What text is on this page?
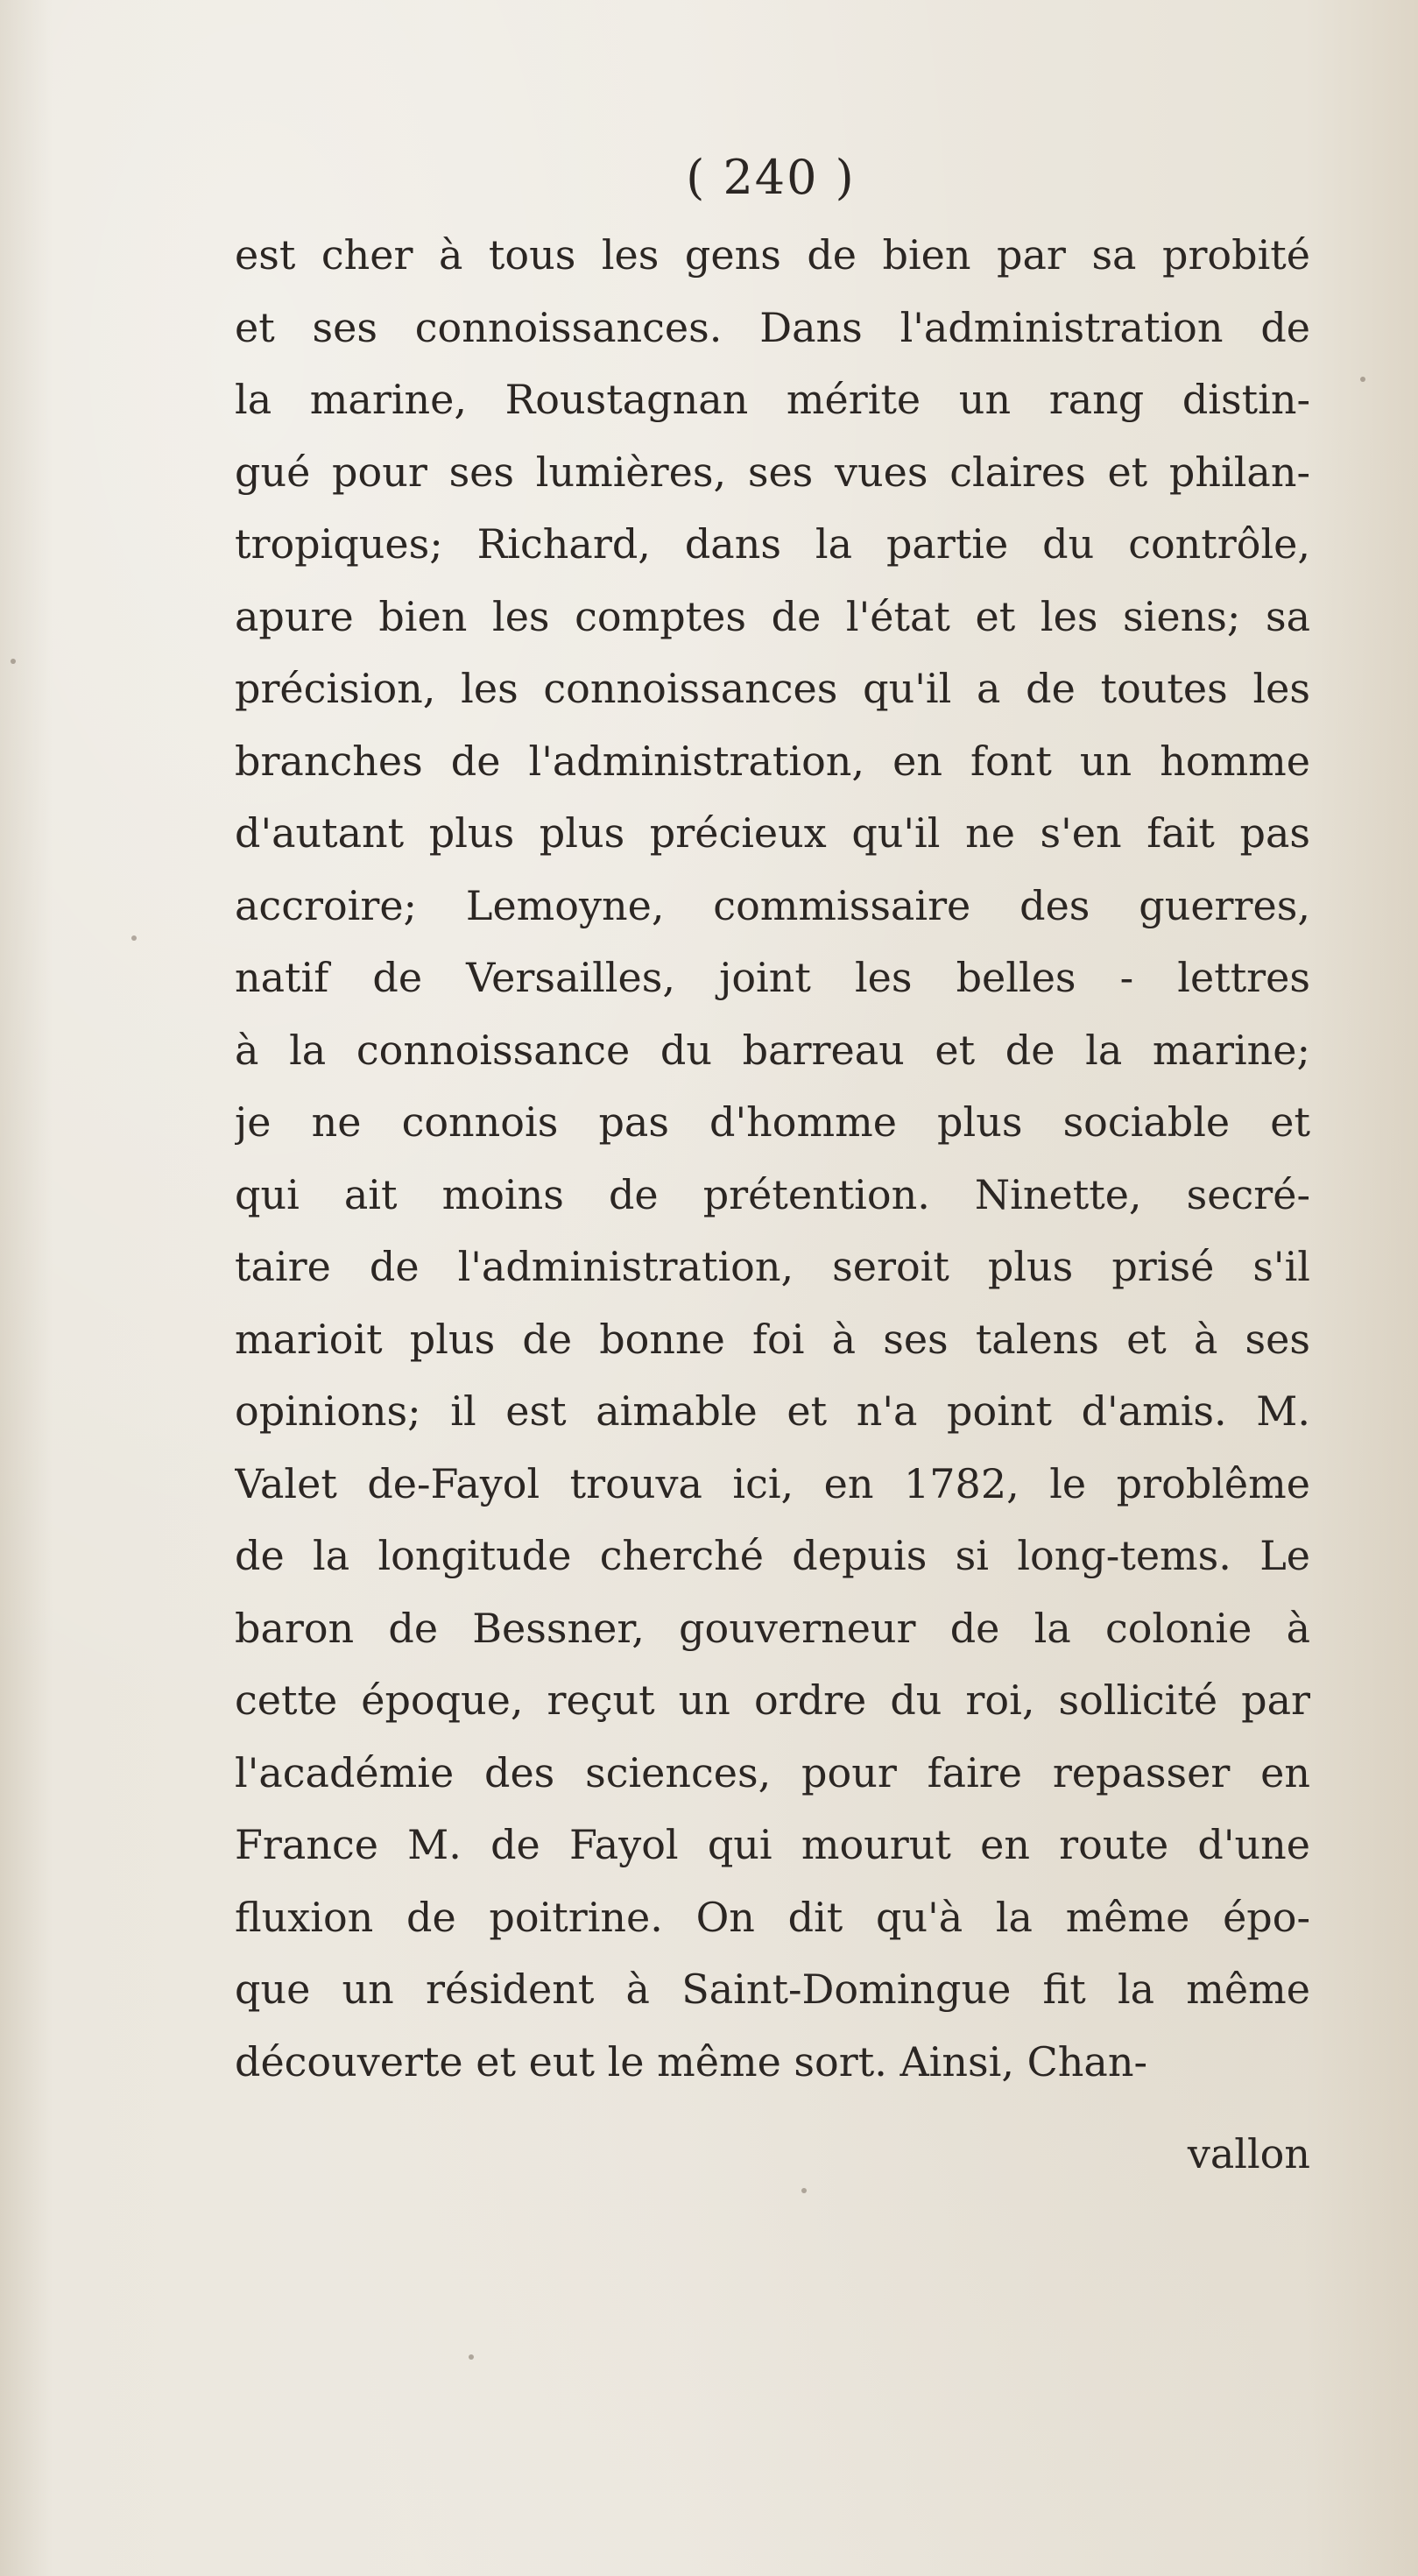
( 240 )
est cher à tous les gens de bien par sa probité
et ses connoissances. Dans l'administration de
la marine, Roustagnan mérite un rang distin-
gué pour ses lumières, ses vues claires et philan-
tropiques; Richard, dans la partie du contrôle,
apure bien les comptes de l'état et les siens; sa
précision, les connoissances qu'il a de toutes les
branches de l'administration, en font un homme
d'autant plus plus précieux qu'il ne s'en fait pas
accroire; Lemoyne, commissaire des guerres,
natif de Versailles, joint les belles - lettres
à la connoissance du barreau et de la marine;
je ne connois pas d'homme plus sociable et
qui ait moins de prétention. Ninette, secré-
taire de l'administration, seroit plus prisé s'il
marioit plus de bonne foi à ses talens et à ses
opinions; il est aimable et n'a point d'amis. M.
Valet de-Fayol trouva ici, en 1782, le problême
de la longitude cherché depuis si long-tems. Le
baron de Bessner, gouverneur de la colonie à
cette époque, reçut un ordre du roi, sollicité par
l'académie des sciences, pour faire repasser en
France M. de Fayol qui mourut en route d'une
fluxion de poitrine. On dit qu'à la même épo-
que un résident à Saint-Domingue fit la même
découverte et eut le même sort. Ainsi, Chan-
vallon
